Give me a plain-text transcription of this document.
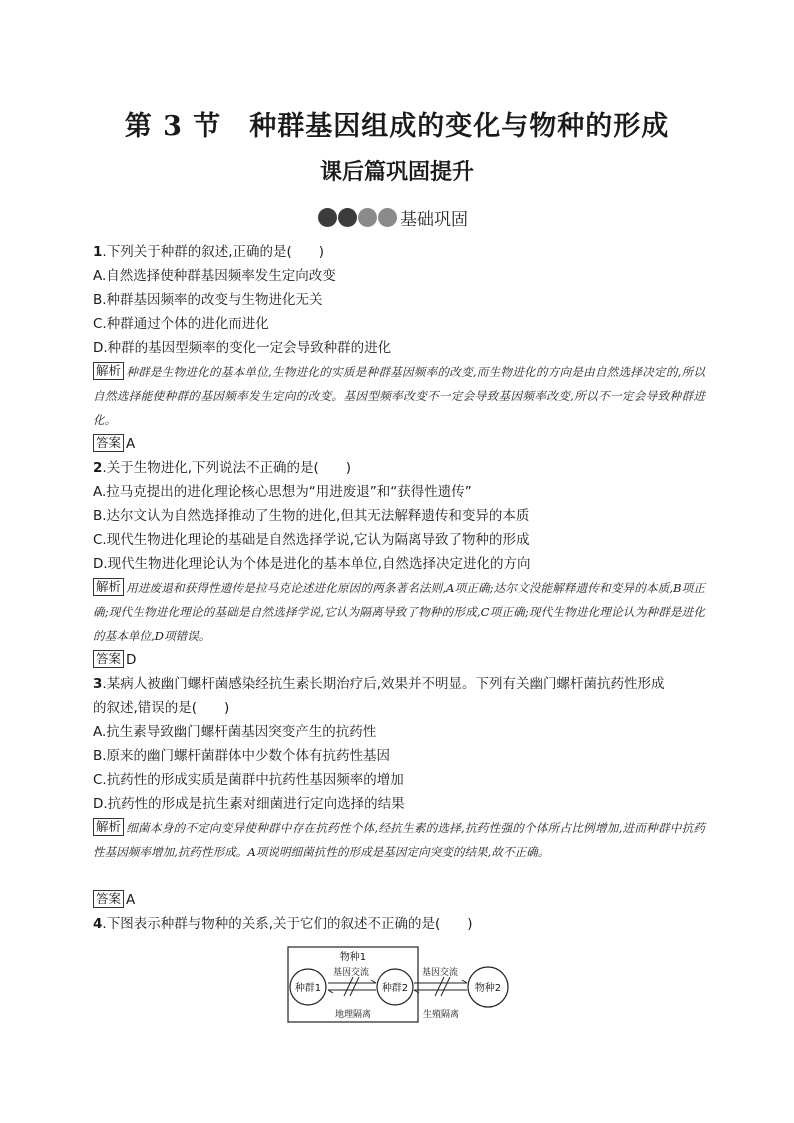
第 3 节 种群基因组成的变化与物种的形成
课后篇巩固提升
基础巩固
1.下列关于种群的叙述,正确的是(　　)
A.自然选择使种群基因频率发生定向改变
B.种群基因频率的改变与生物进化无关
C.种群通过个体的进化而进化
D.种群的基因型频率的变化一定会导致种群的进化
解析 种群是生物进化的基本单位,生物进化的实质是种群基因频率的改变,而生物进化的方向是由自然选择决定的,所以自然选择能使种群的基因频率发生定向的改变。基因型频率改变不一定会导致基因频率改变,所以不一定会导致种群进化。
答案 A
2.关于生物进化,下列说法不正确的是(　　)
A.拉马克提出的进化理论核心思想为“用进废退”和“获得性遗传”
B.达尔文认为自然选择推动了生物的进化,但其无法解释遗传和变异的本质
C.现代生物进化理论的基础是自然选择学说,它认为隔离导致了物种的形成
D.现代生物进化理论认为个体是进化的基本单位,自然选择决定进化的方向
解析 用进废退和获得性遗传是拉马克论述进化原因的两条著名法则,A项正确;达尔文没能解释遗传和变异的本质,B项正确;现代生物进化理论的基础是自然选择学说,它认为隔离导致了物种的形成,C项正确;现代生物进化理论认为种群是进化的基本单位,D项错误。
答案 D
3.某病人被幽门螺杆菌感染经抗生素长期治疗后,效果并不明显。下列有关幽门螺杆菌抗药性形成
的叙述,错误的是(　　)
A.抗生素导致幽门螺杆菌基因突变产生的抗药性
B.原来的幽门螺杆菌群体中少数个体有抗药性基因
C.抗药性的形成实质是菌群中抗药性基因频率的增加
D.抗药性的形成是抗生素对细菌进行定向选择的结果
解析 细菌本身的不定向变异使种群中存在抗药性个体,经抗生素的选择,抗药性强的个体所占比例增加,进而种群中抗药性基因频率增加,抗药性形成。A项说明细菌抗性的形成是基因定向突变的结果,故不正确。
答案 A
4.下图表示种群与物种的关系,关于它们的叙述不正确的是(　　)
物种1
种群1	种群2
基因交流
地理隔离
物种2
基因交流
生殖隔离
